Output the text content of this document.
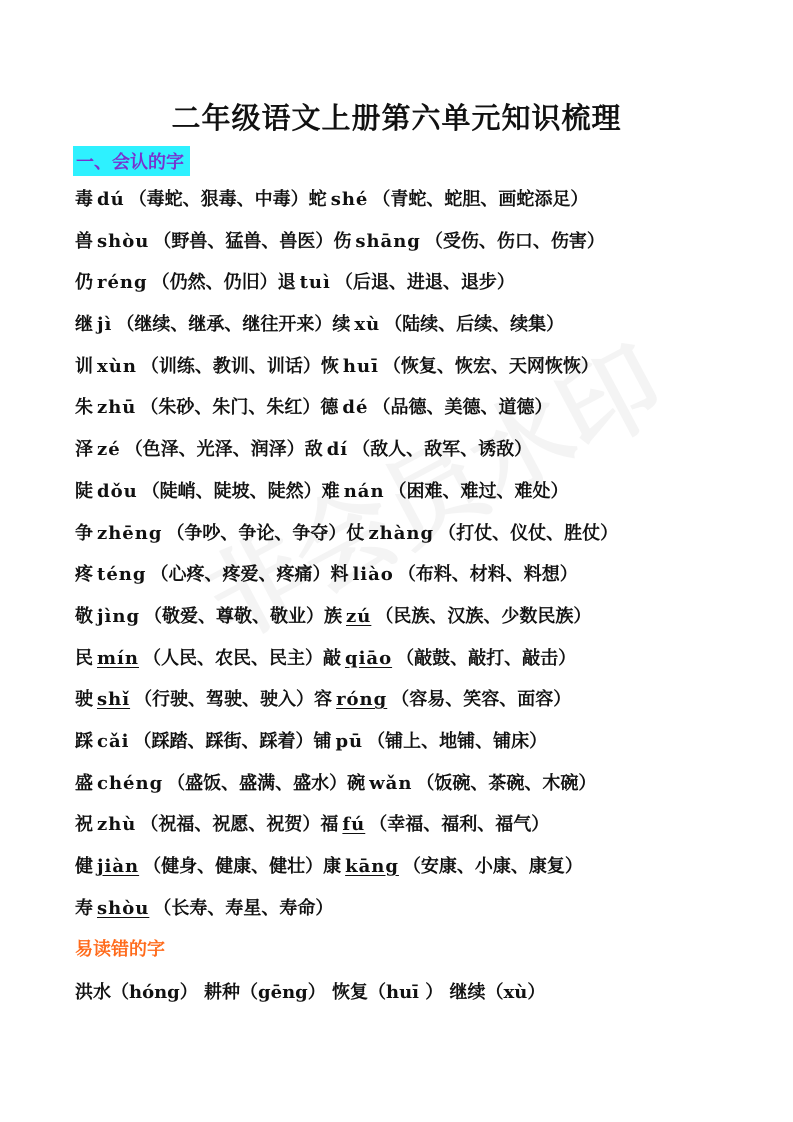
二年级语文上册第六单元知识梳理
一、会认的字
毒 dú （毒蛇、狠毒、中毒）蛇 shé （青蛇、蛇胆、画蛇添足）
兽 shòu （野兽、猛兽、兽医）伤 shāng （受伤、伤口、伤害）
仍 réng （仍然、仍旧）退 tuì （后退、进退、退步）
继 jì （继续、继承、继往开来）续 xù （陆续、后续、续集）
训 xùn （训练、教训、训话）恢 huī （恢复、恢宏、天网恢恢）
朱 zhū （朱砂、朱门、朱红）德 dé （品德、美德、道德）
泽 zé （色泽、光泽、润泽）敌 dí （敌人、敌军、诱敌）
陡 dǒu （陡峭、陡坡、陡然）难 nán （困难、难过、难处）
争 zhēng （争吵、争论、争夺）仗 zhàng （打仗、仪仗、胜仗）
疼 téng （心疼、疼爱、疼痛）料 liào （布料、材料、料想）
敬 jìng （敬爱、尊敬、敬业）族 zú （民族、汉族、少数民族）
民 mín （人民、农民、民主）敲 qiāo （敲鼓、敲打、敲击）
驶 shǐ （行驶、驾驶、驶入）容 róng （容易、笑容、面容）
踩 cǎi （踩踏、踩街、踩着）铺 pū （铺上、地铺、铺床）
盛 chéng （盛饭、盛满、盛水）碗 wǎn （饭碗、茶碗、木碗）
祝 zhù （祝福、祝愿、祝贺）福 fú （幸福、福利、福气）
健 jiàn （健身、健康、健壮）康 kāng （安康、小康、康复）
寿 shòu （长寿、寿星、寿命）
易读错的字
洪水（hóng） 耕种（gēng） 恢复（huī ） 继续（xù）
